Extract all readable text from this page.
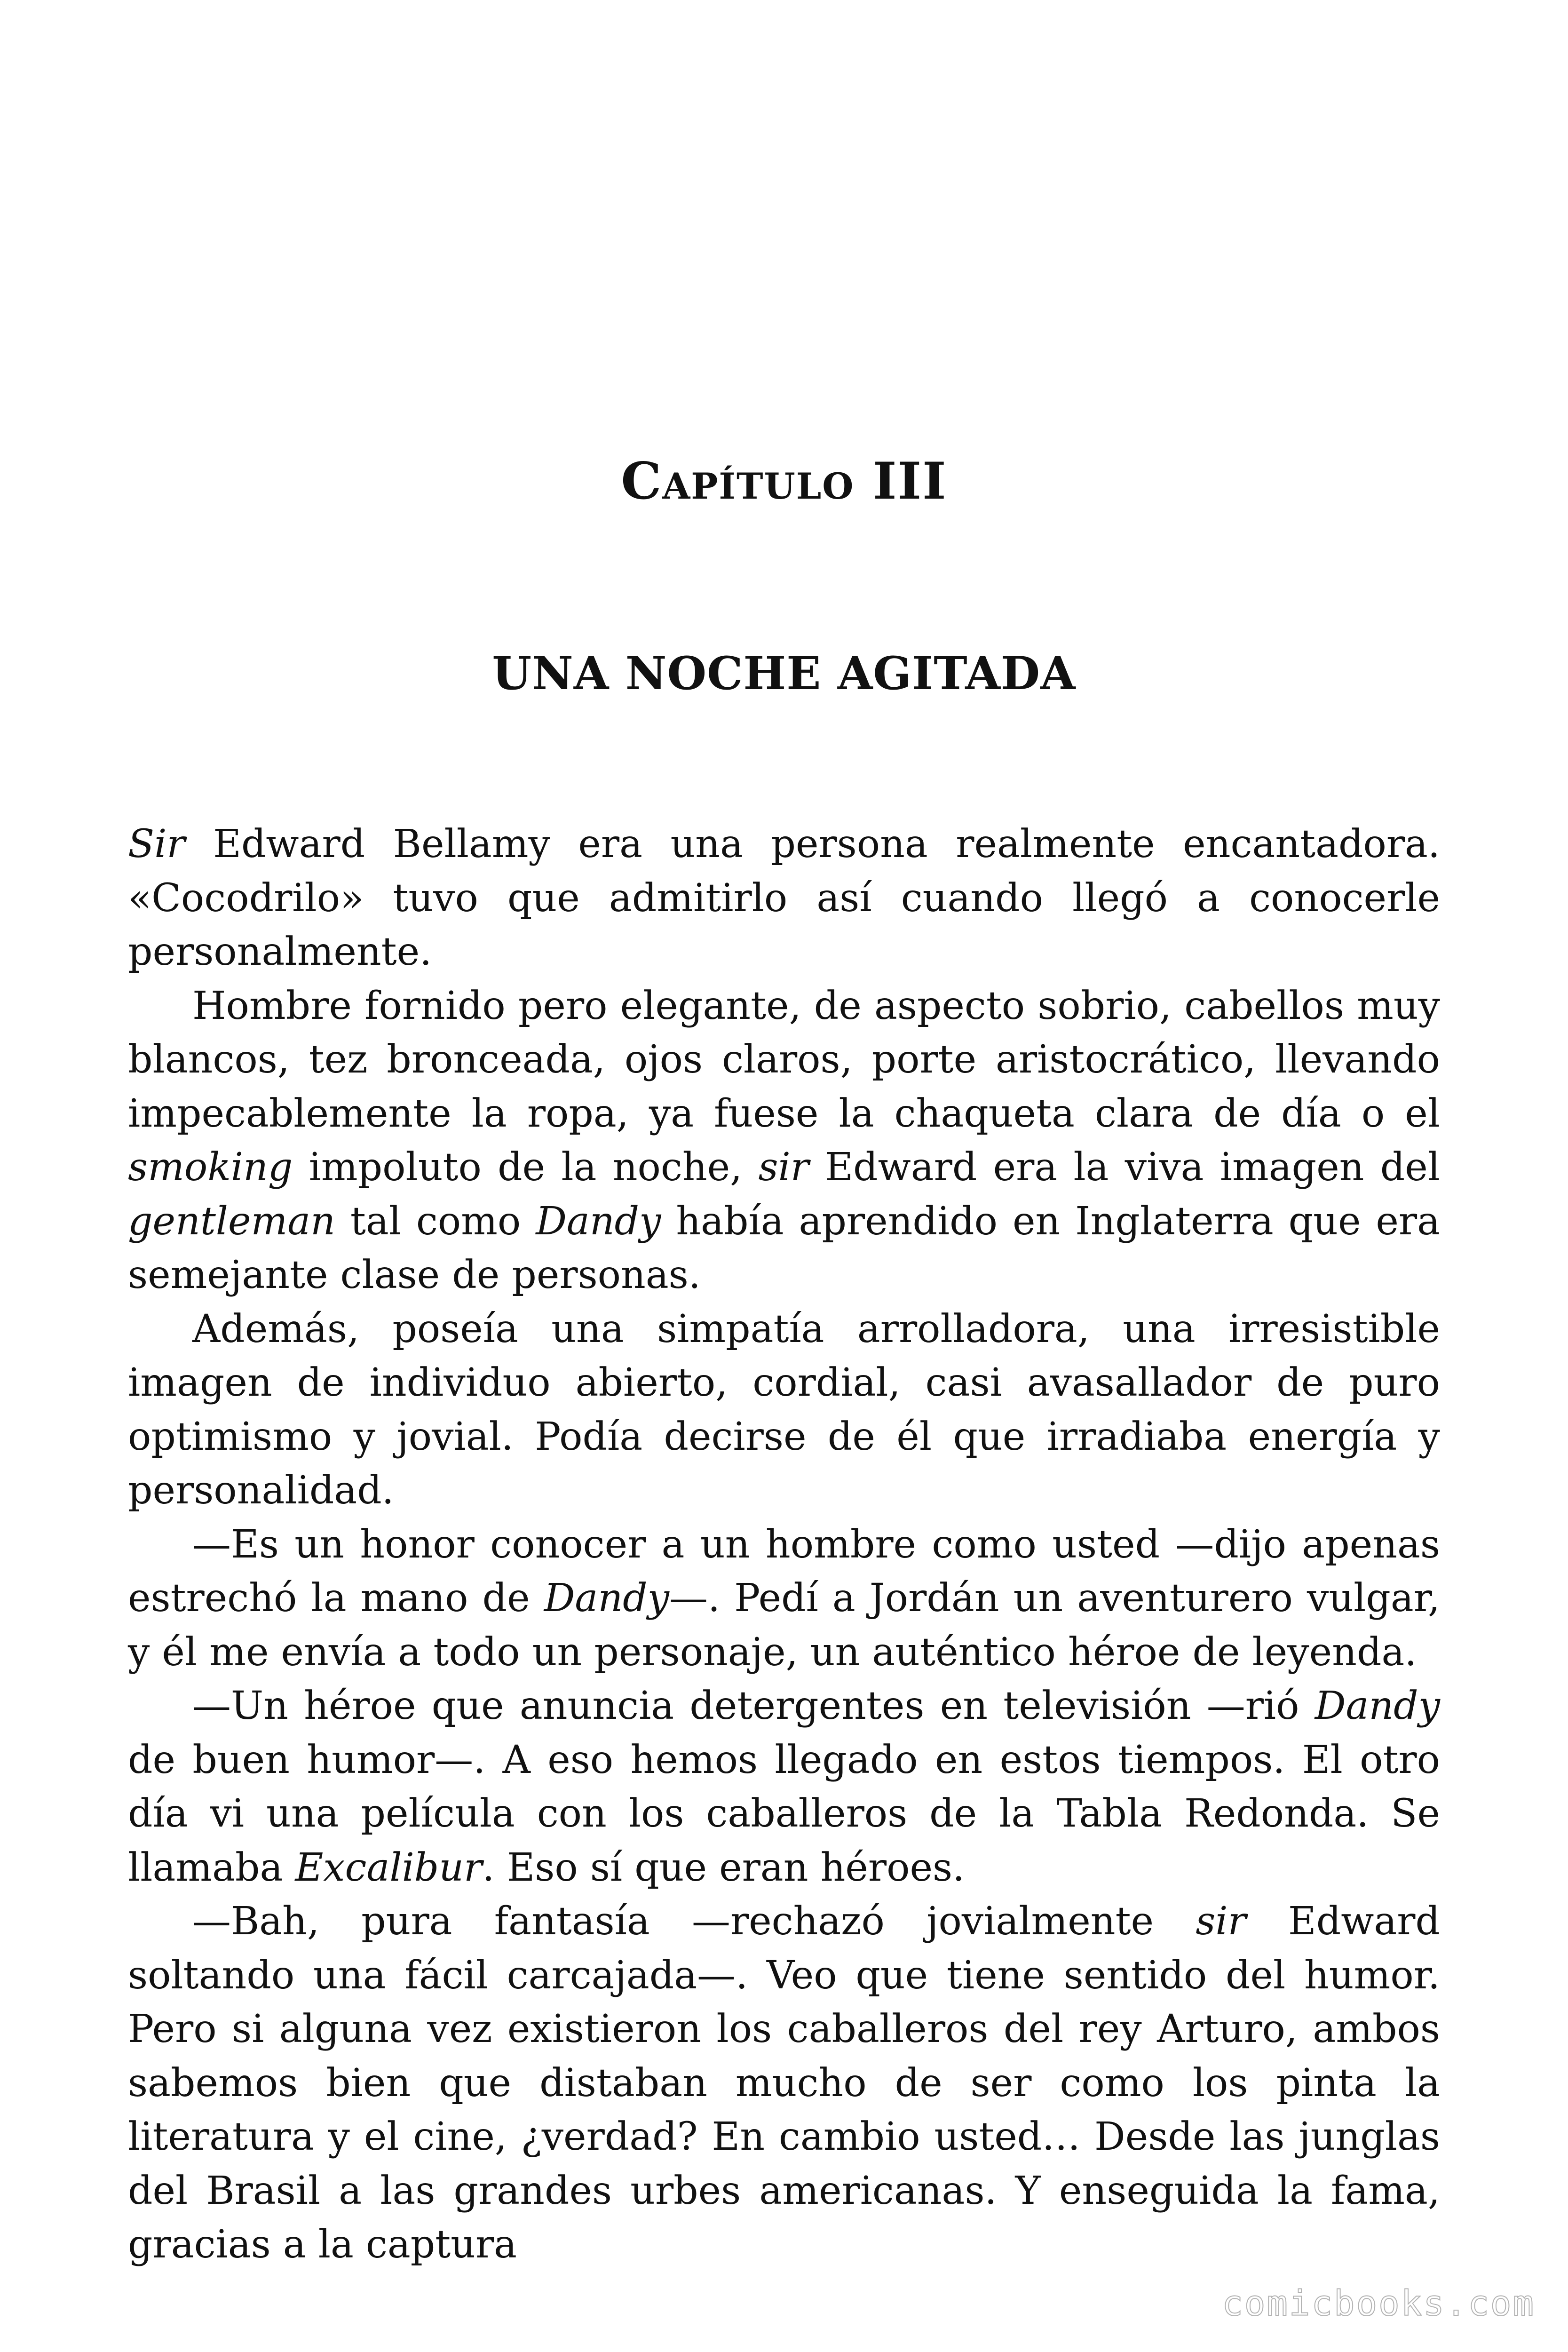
Capítulo III
UNA NOCHE AGITADA

Sir Edward Bellamy era una persona realmente encantadora. «Cocodrilo» tuvo que admitirlo así cuando llegó a conocerle personalmente.

Hombre fornido pero elegante, de aspecto sobrio, cabellos muy blancos, tez bronceada, ojos claros, porte aristocrático, llevando impecablemente la ropa, ya fuese la chaqueta clara de día o el smoking impoluto de la noche, sir Edward era la viva imagen del gentleman tal como Dandy había aprendido en Inglaterra que era semejante clase de personas.

Además, poseía una simpatía arrolladora, una irresistible imagen de individuo abierto, cordial, casi avasallador de puro optimismo y jovial. Podía decirse de él que irradiaba energía y personalidad.

—Es un honor conocer a un hombre como usted —dijo apenas estrechó la mano de Dandy—. Pedí a Jordán un aventurero vulgar, y él me envía a todo un personaje, un auténtico héroe de leyenda.

—Un héroe que anuncia detergentes en televisión —rió Dandy de buen humor—. A eso hemos llegado en estos tiempos. El otro día vi una película con los caballeros de la Tabla Redonda. Se llamaba Excalibur. Eso sí que eran héroes.

—Bah, pura fantasía —rechazó jovialmente sir Edward soltando una fácil carcajada—. Veo que tiene sentido del humor. Pero si alguna vez existieron los caballeros del rey Arturo, ambos sabemos bien que distaban mucho de ser como los pinta la literatura y el cine, ¿verdad? En cambio usted… Desde las junglas del Brasil a las grandes urbes americanas. Y enseguida la fama, gracias a la captura

comicbooks.com
